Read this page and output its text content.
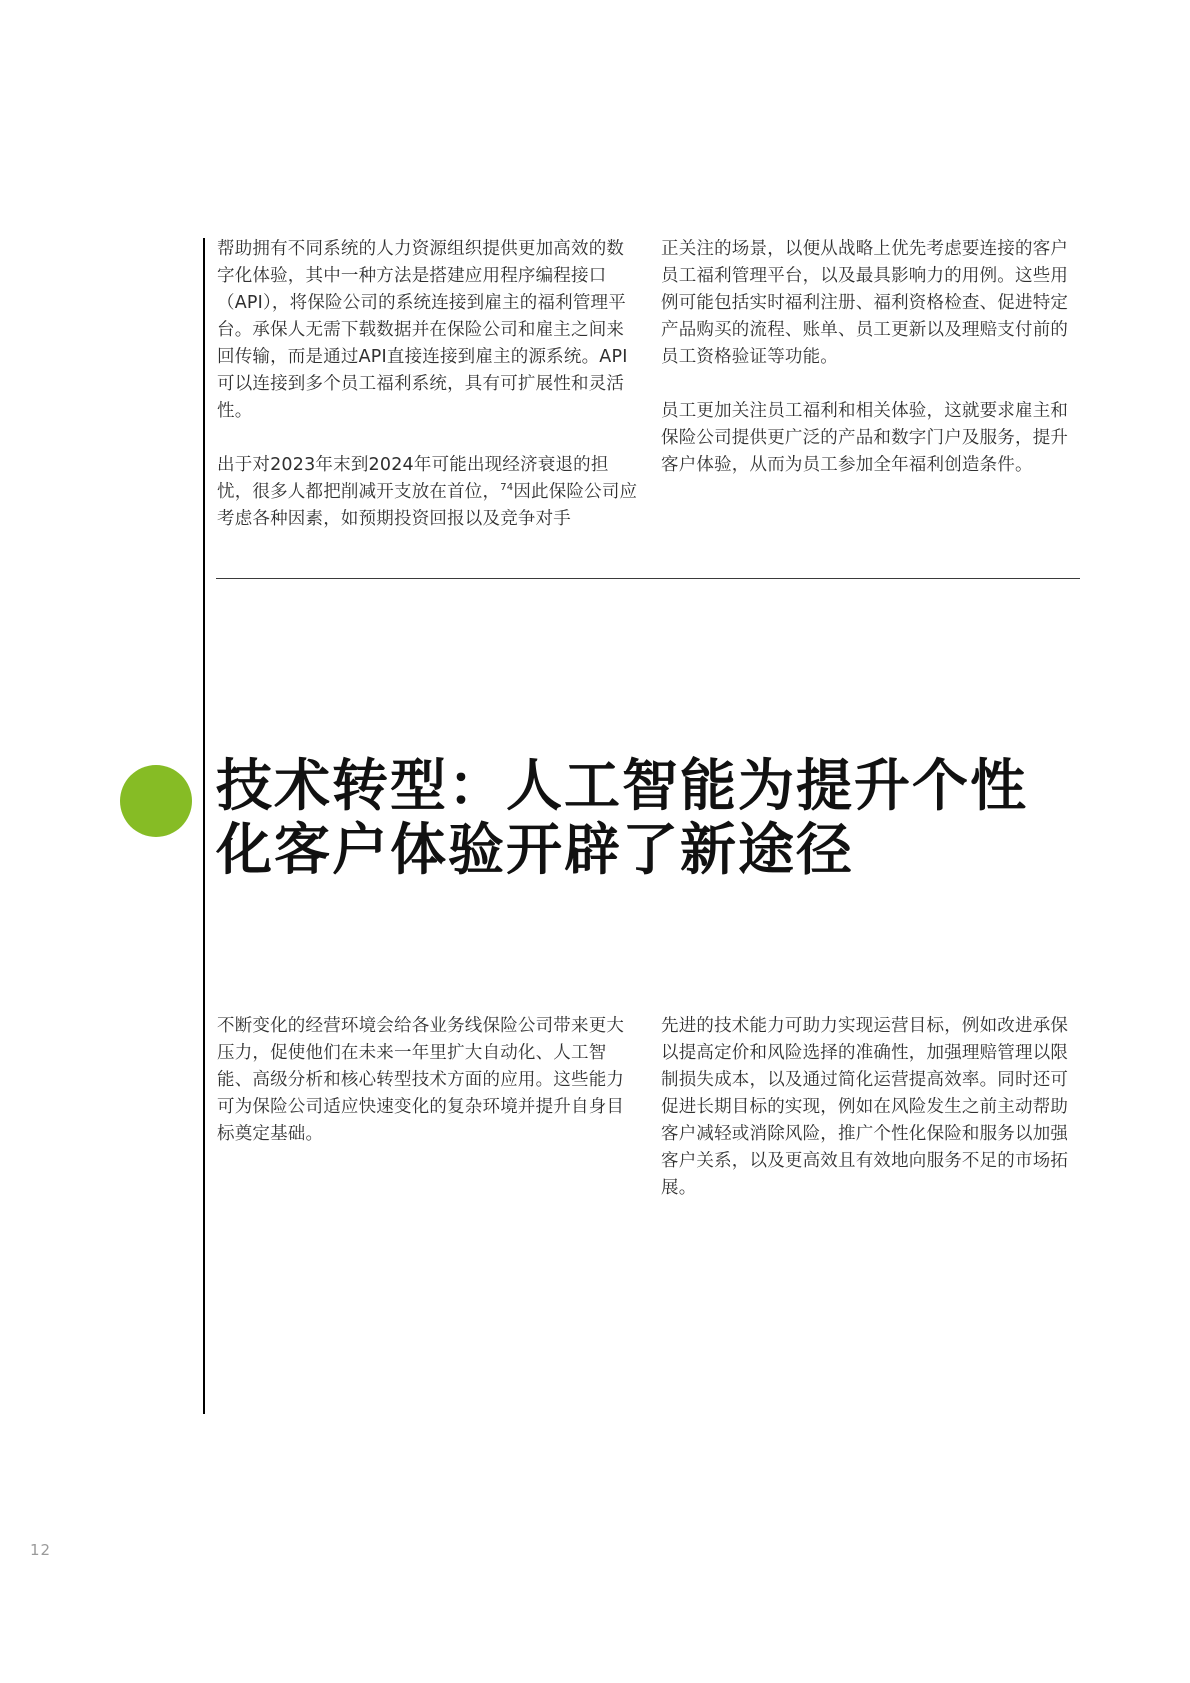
帮助拥有不同系统的人力资源组织提供更加高效的数字化体验，其中一种方法是搭建应用程序编程接口（API），将保险公司的系统连接到雇主的福利管理平台。承保人无需下载数据并在保险公司和雇主之间来回传输，而是通过API直接连接到雇主的源系统。API可以连接到多个员工福利系统，具有可扩展性和灵活性。

出于对2023年末到2024年可能出现经济衰退的担忧，很多人都把削减开支放在首位，$^{74}$因此保险公司应考虑各种因素，如预期投资回报以及竞争对手

正关注的场景，以便从战略上优先考虑要连接的客户员工福利管理平台，以及最具影响力的用例。这些用例可能包括实时福利注册、福利资格检查、促进特定产品购买的流程、账单、员工更新以及理赔支付前的员工资格验证等功能。

员工更加关注员工福利和相关体验，这就要求雇主和保险公司提供更广泛的产品和数字门户及服务，提升客户体验，从而为员工参加全年福利创造条件。

技术转型：人工智能为提升个性
化客户体验开辟了新途径

不断变化的经营环境会给各业务线保险公司带来更大压力，促使他们在未来一年里扩大自动化、人工智能、高级分析和核心转型技术方面的应用。这些能力可为保险公司适应快速变化的复杂环境并提升自身目标奠定基础。

先进的技术能力可助力实现运营目标，例如改进承保以提高定价和风险选择的准确性，加强理赔管理以限制损失成本，以及通过简化运营提高效率。同时还可促进长期目标的实现，例如在风险发生之前主动帮助客户减轻或消除风险，推广个性化保险和服务以加强客户关系，以及更高效且有效地向服务不足的市场拓展。

12
